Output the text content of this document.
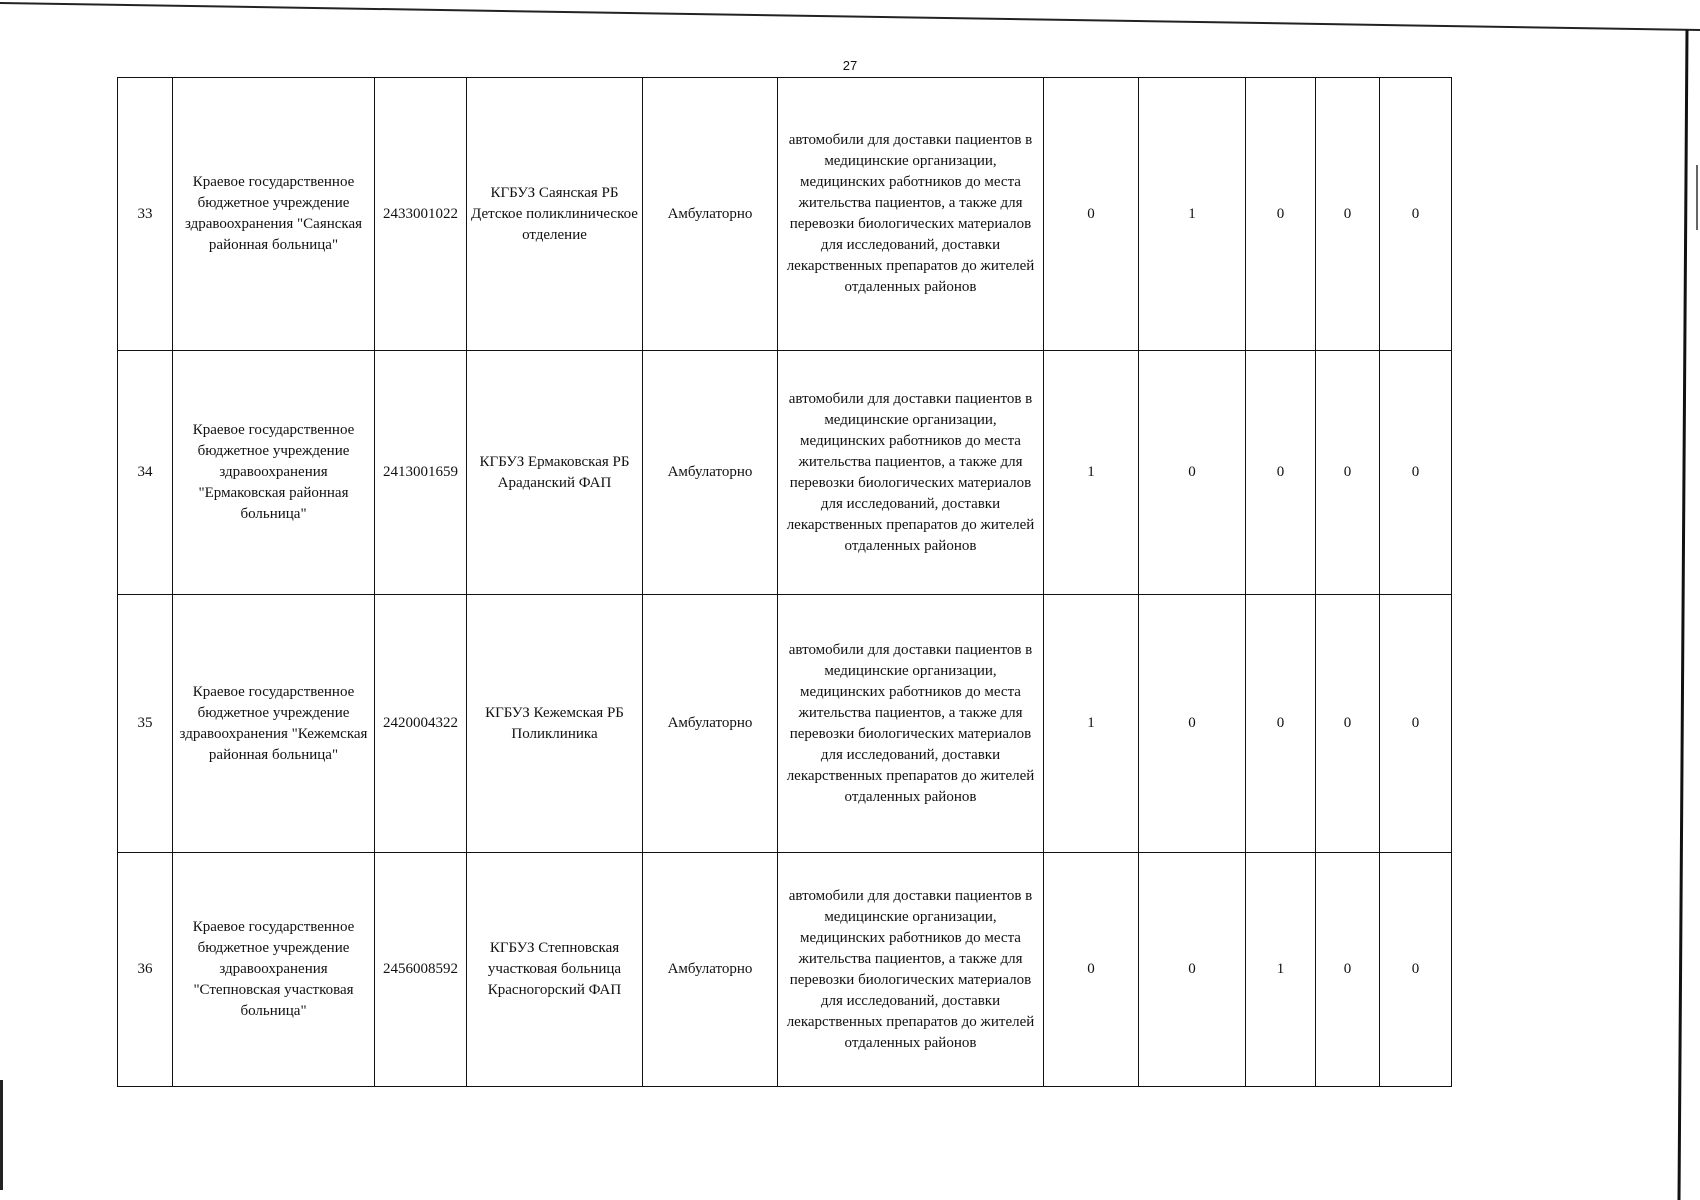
27
33	Краевое государственное бюджетное учреждение здравоохранения "Саянская районная больница"	2433001022	КГБУЗ Саянская РБ Детское поликлиническое отделение	Амбулаторно	автомобили для доставки пациентов в медицинские организации, медицинских работников до места жительства пациентов, а также для перевозки биологических материалов для исследований, доставки лекарственных препаратов до жителей отдаленных районов	0	1	0	0	0
34	Краевое государственное бюджетное учреждение здравоохранения "Ермаковская районная больница"	2413001659	КГБУЗ Ермаковская РБ Араданский ФАП	Амбулаторно	автомобили для доставки пациентов в медицинские организации, медицинских работников до места жительства пациентов, а также для перевозки биологических материалов для исследований, доставки лекарственных препаратов до жителей отдаленных районов	1	0	0	0	0
35	Краевое государственное бюджетное учреждение здравоохранения "Кежемская районная больница"	2420004322	КГБУЗ Кежемская РБ Поликлиника	Амбулаторно	автомобили для доставки пациентов в медицинские организации, медицинских работников до места жительства пациентов, а также для перевозки биологических материалов для исследований, доставки лекарственных препаратов до жителей отдаленных районов	1	0	0	0	0
36	Краевое государственное бюджетное учреждение здравоохранения "Степновская участковая больница"	2456008592	КГБУЗ Степновская участковая больница Красногорский ФАП	Амбулаторно	автомобили для доставки пациентов в медицинские организации, медицинских работников до места жительства пациентов, а также для перевозки биологических материалов для исследований, доставки лекарственных препаратов до жителей отдаленных районов	0	0	1	0	0
